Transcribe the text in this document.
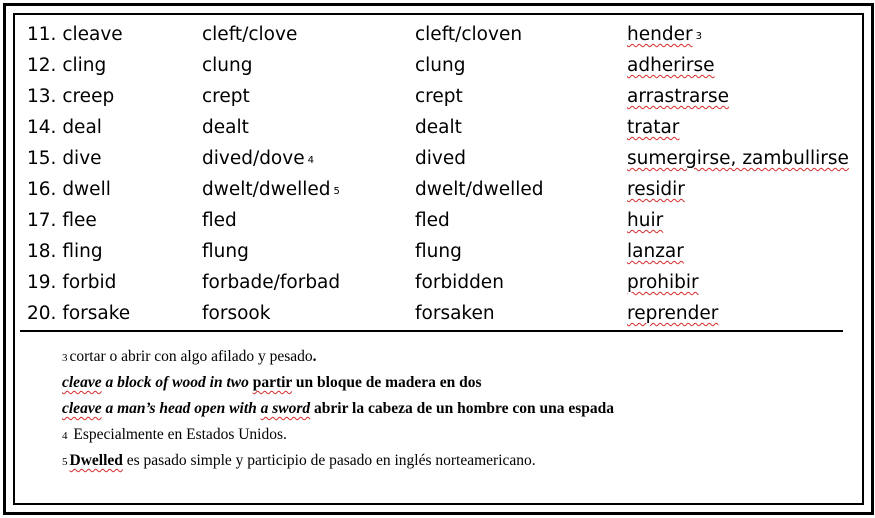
11. cleave	cleft/clove	cleft/cloven	hender 3
12. cling	clung	clung	adherirse
13. creep	crept	crept	arrastrarse
14. deal	dealt	dealt	tratar
15. dive	dived/dove 4	dived	sumergirse, zambullirse
16. dwell	dwelt/dwelled 5	dwelt/dwelled	residir
17. flee	fled	fled	huir
18. fling	flung	flung	lanzar
19. forbid	forbade/forbad	forbidden	prohibir
20. forsake	forsook	forsaken	reprender
3 cortar o abrir con algo afilado y pesado.
cleave a block of wood in two partir un bloque de madera en dos
cleave a man’s head open with a sword abrir la cabeza de un hombre con una espada
4 Especialmente en Estados Unidos.
5 Dwelled es pasado simple y participio de pasado en inglés norteamericano.
